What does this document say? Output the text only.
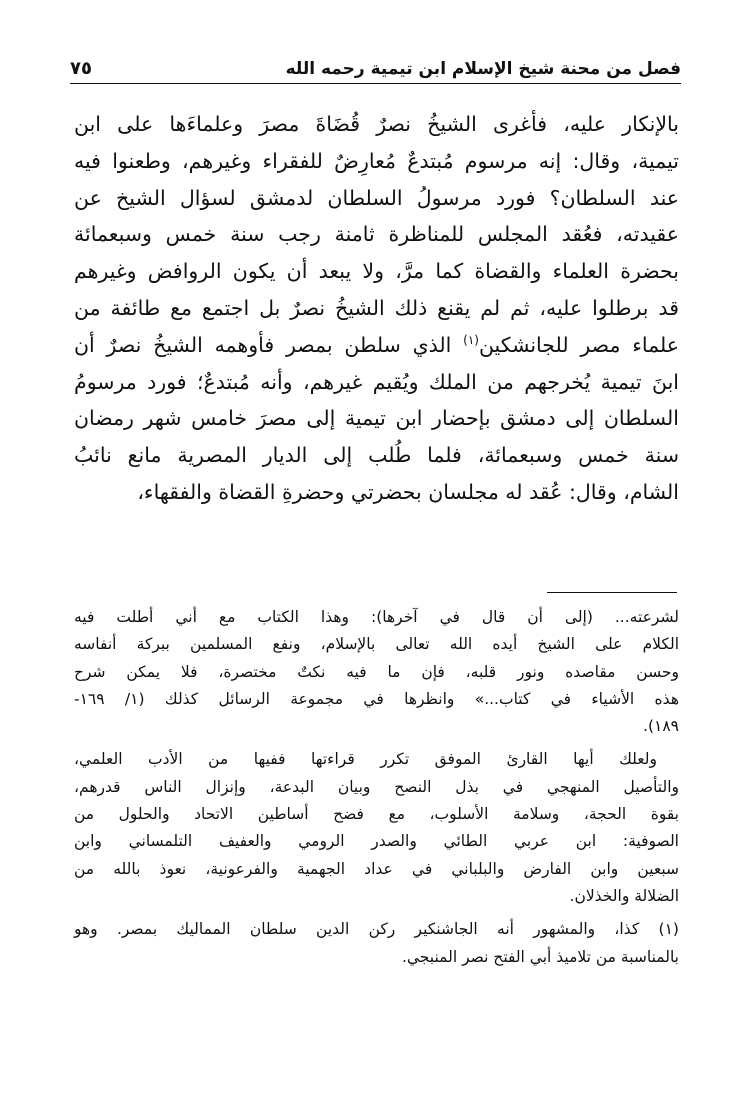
فصل من محنة شيخ الإسلام ابن تيمية رحمه الله
٧٥
بالإنكار عليه، فأغرى الشيخُ نصرٌ قُضَاةَ مصرَ وعلماءَها على ابن
تيمية، وقال: إنه مرسوم مُبتدعٌ مُعارِضٌ للفقراء وغيرهم، وطعنوا فيه
عند السلطان؟ فورد مرسولُ السلطان لدمشق لسؤال الشيخ عن
عقيدته، فعُقد المجلس للمناظرة ثامنة رجب سنة خمس وسبعمائة
بحضرة العلماء والقضاة كما مرَّ، ولا يبعد أن يكون الروافض وغيرهم
قد برطلوا عليه، ثم لم يقنع ذلك الشيخُ نصرٌ بل اجتمع مع طائفة من
علماء مصر للجانشكين$^{(١)}$ الذي سلطن بمصر فأوهمه الشيخُ نصرٌ أن
ابنَ تيمية يُخرجهم من الملك ويُقيم غيرهم، وأنه مُبتدعٌ؛ فورد مرسومُ
السلطان إلى دمشق بإحضار ابن تيمية إلى مصرَ خامس شهر رمضان
سنة خمس وسبعمائة، فلما طُلب إلى الديار المصرية مانع نائبُ
الشام، وقال: عُقد له مجلسان بحضرتي وحضرةِ القضاة والفقهاء،
لشرعته... (إلى أن قال في آخرها): وهذا الكتاب مع أني أطلت فيه
الكلام على الشيخ أيده الله تعالى بالإسلام، ونفع المسلمين ببركة أنفاسه
وحسن مقاصده ونور قلبه، فإن ما فيه نكتٌ مختصرة، فلا يمكن شرح
هذه الأشياء في كتاب...» وانظرها في مجموعة الرسائل كذلك (١/ ١٦٩-
١٨٩).
ولعلك أيها القارئ الموفق تكرر قراءتها ففيها من الأدب العلمي،
والتأصيل المنهجي في بذل النصح وبيان البدعة، وإنزال الناس قدرهم،
بقوة الحجة، وسلامة الأسلوب، مع فضح أساطين الاتحاد والحلول من
الصوفية: ابن عربي الطائي والصدر الرومي والعفيف التلمساني وابن
سبعين وابن الفارض والبلباني في عداد الجهمية والفرعونية، نعوذ بالله من
الضلالة والخذلان.
(١) كذا، والمشهور أنه الجاشنكير ركن الدين سلطان المماليك بمصر. وهو
بالمناسبة من تلاميذ أبي الفتح نصر المنبجي.
